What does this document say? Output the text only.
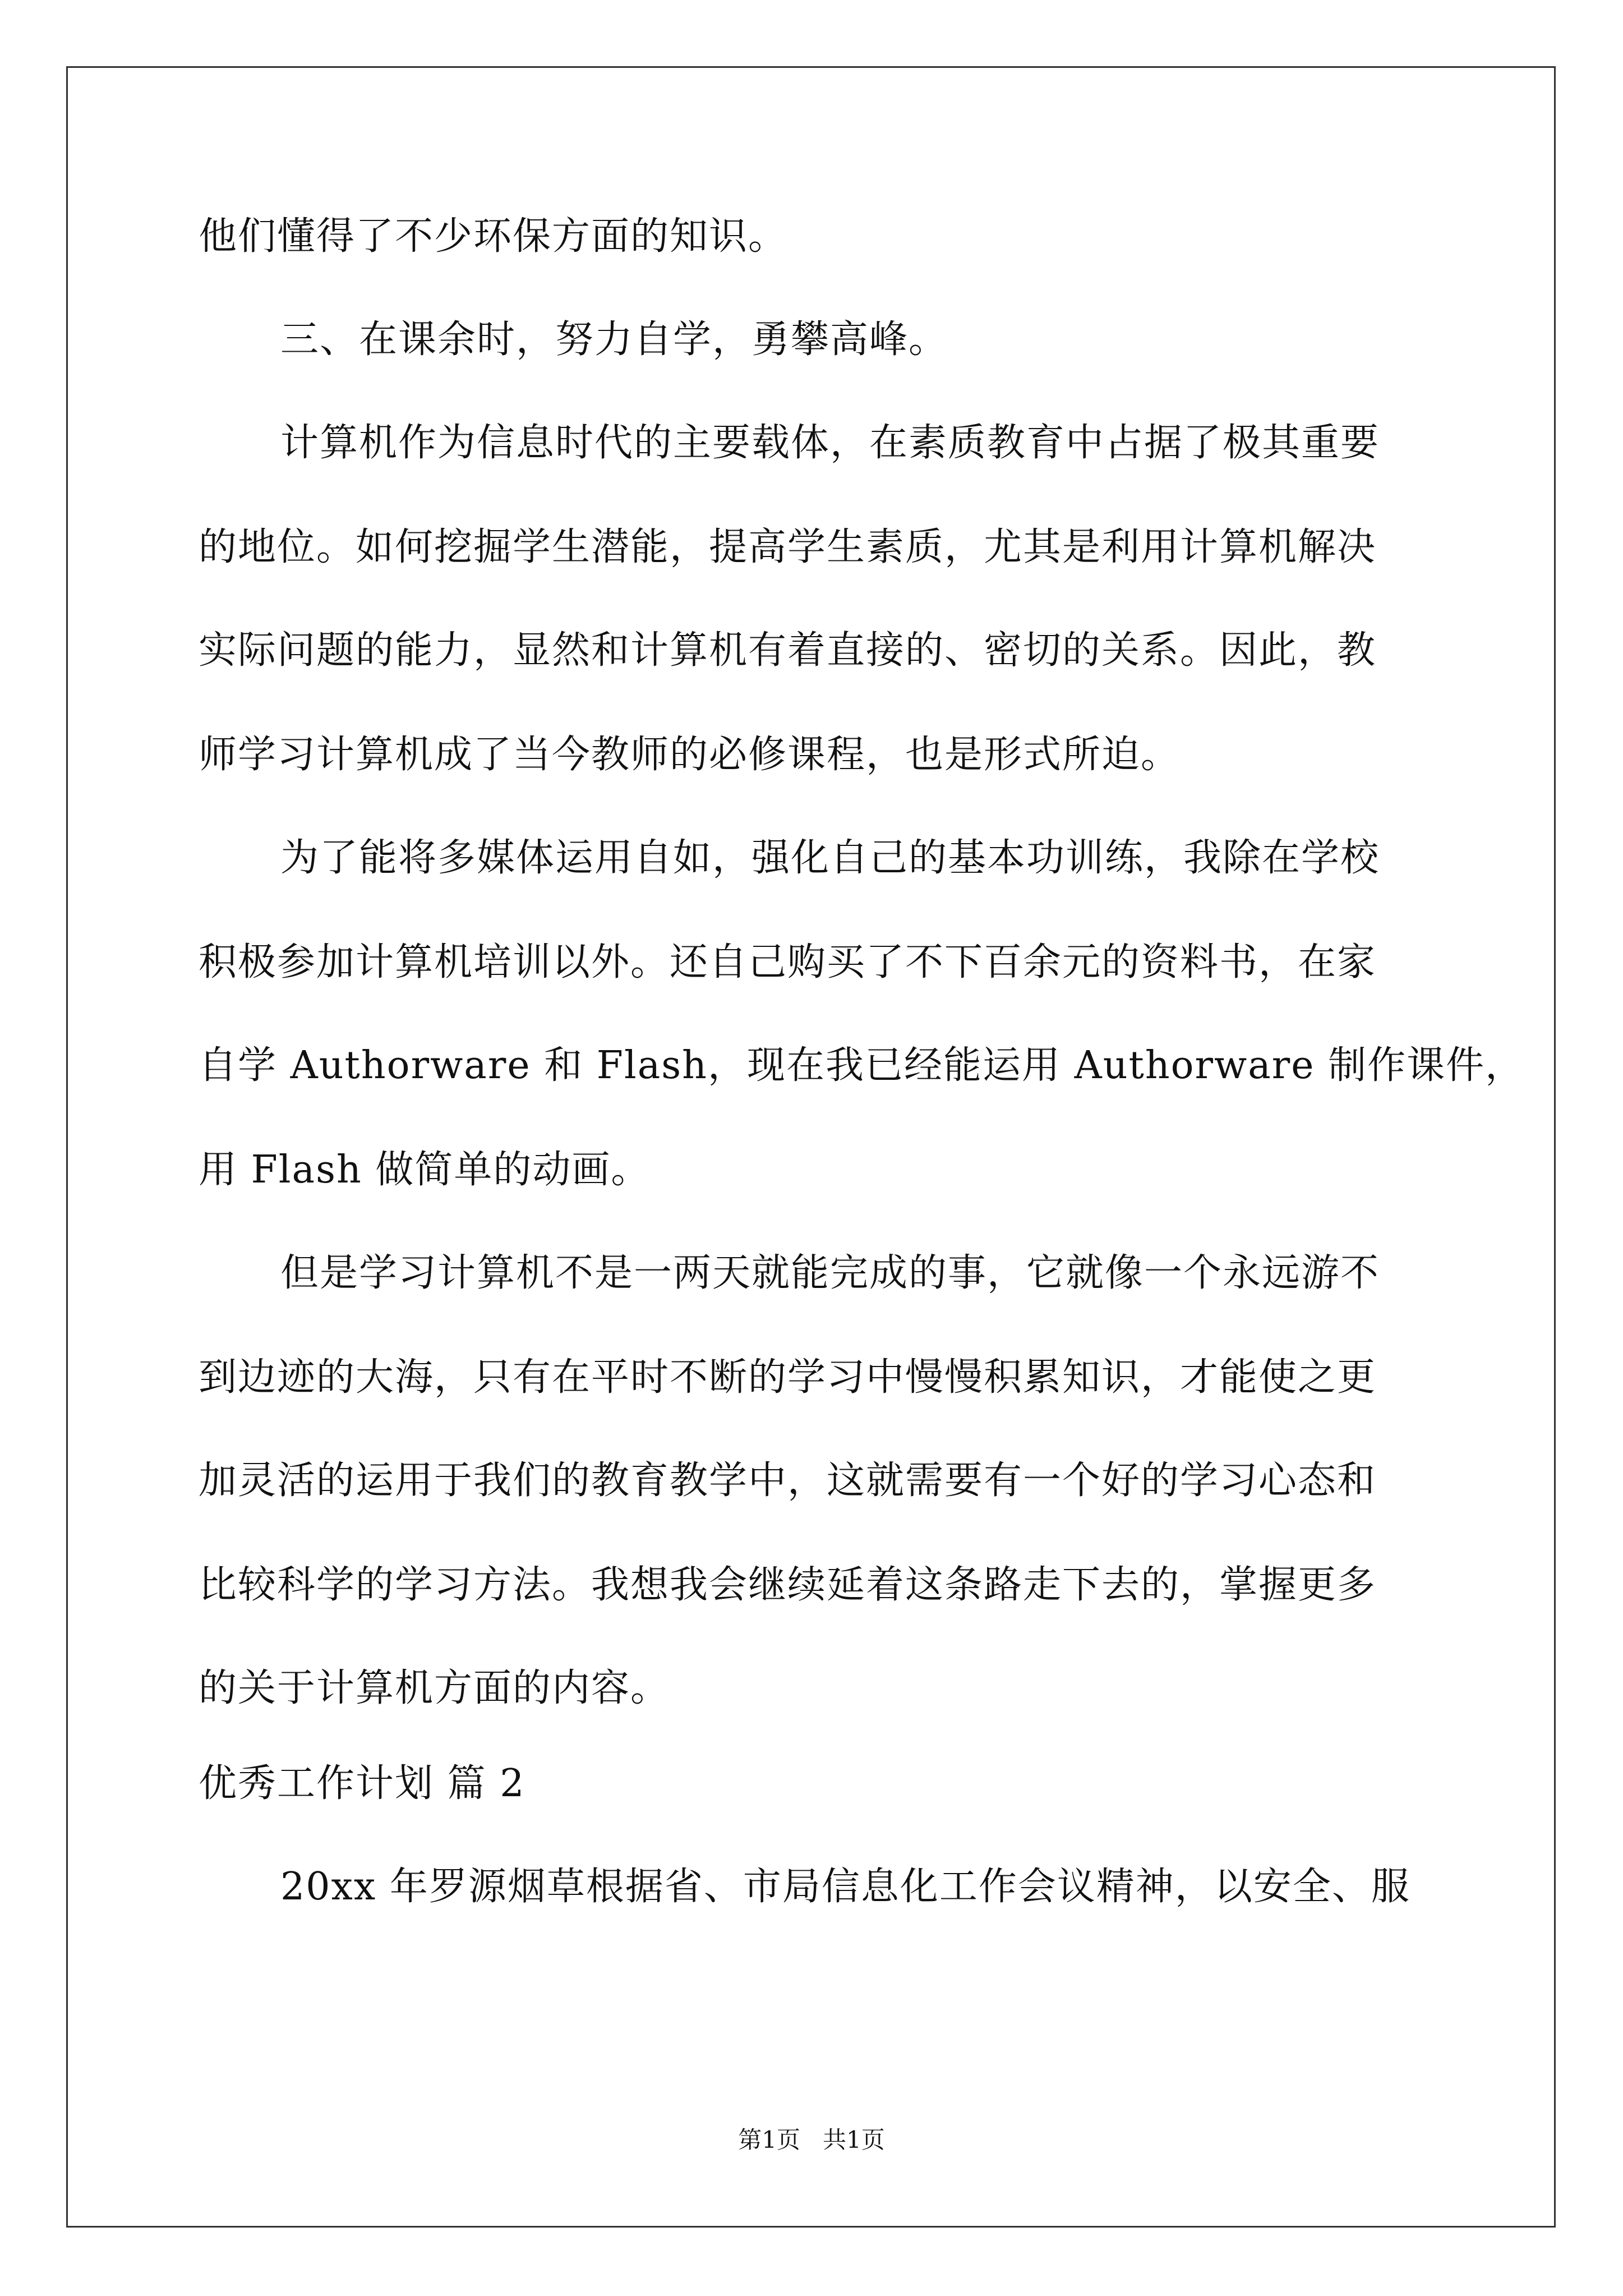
他们懂得了不少环保方面的知识。
三、在课余时，努力自学，勇攀高峰。
计算机作为信息时代的主要载体，在素质教育中占据了极其重要
的地位。如何挖掘学生潜能，提高学生素质，尤其是利用计算机解决
实际问题的能力，显然和计算机有着直接的、密切的关系。因此，教
师学习计算机成了当今教师的必修课程，也是形式所迫。
为了能将多媒体运用自如，强化自己的基本功训练，我除在学校
积极参加计算机培训以外。还自己购买了不下百余元的资料书，在家
自学 Authorware 和 Flash，现在我已经能运用 Authorware 制作课件，
用 Flash 做简单的动画。
但是学习计算机不是一两天就能完成的事，它就像一个永远游不
到边迹的大海，只有在平时不断的学习中慢慢积累知识，才能使之更
加灵活的运用于我们的教育教学中，这就需要有一个好的学习心态和
比较科学的学习方法。我想我会继续延着这条路走下去的，掌握更多
的关于计算机方面的内容。
优秀工作计划 篇 2
20xx 年罗源烟草根据省、市局信息化工作会议精神，以安全、服
第1页   共1页
